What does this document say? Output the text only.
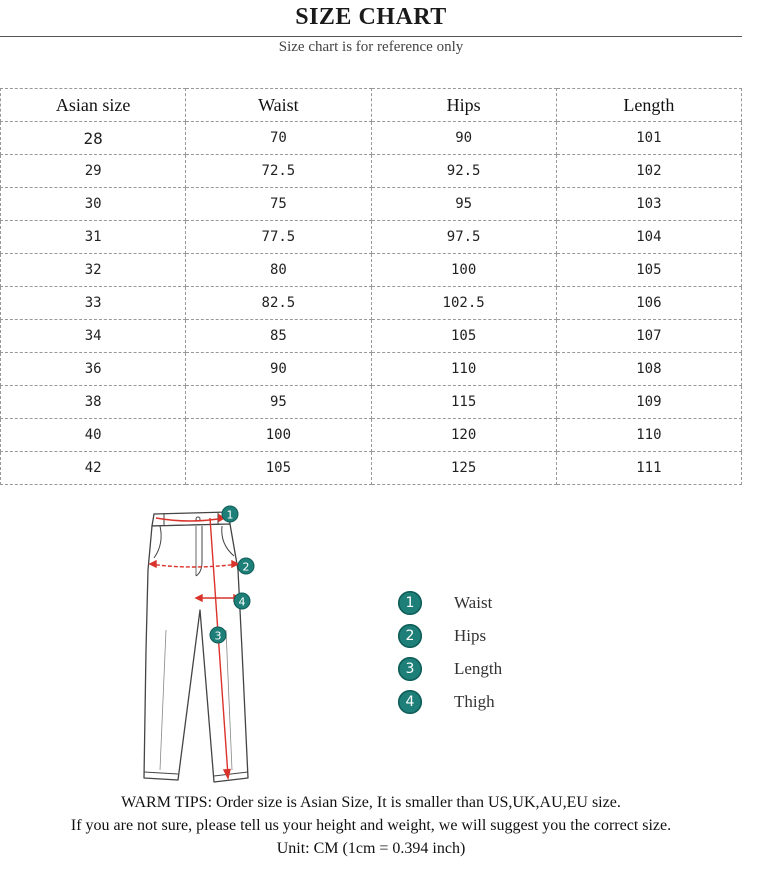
SIZE CHART
Size chart is for reference only
Asian size	Waist	Hips	Length
28	70	90	101
29	72.5	92.5	102
30	75	95	103
31	77.5	97.5	104
32	80	100	105
33	82.5	102.5	106
34	85	105	107
36	90	110	108
38	95	115	109
40	100	120	110
42	105	125	111
1
2
4
3
1	Waist
2	Hips
3	Length
4	Thigh
WARM TIPS: Order size is Asian Size, It is smaller than US,UK,AU,EU size.
If you are not sure, please tell us your height and weight, we will suggest you the correct size.
Unit: CM (1cm = 0.394 inch)
